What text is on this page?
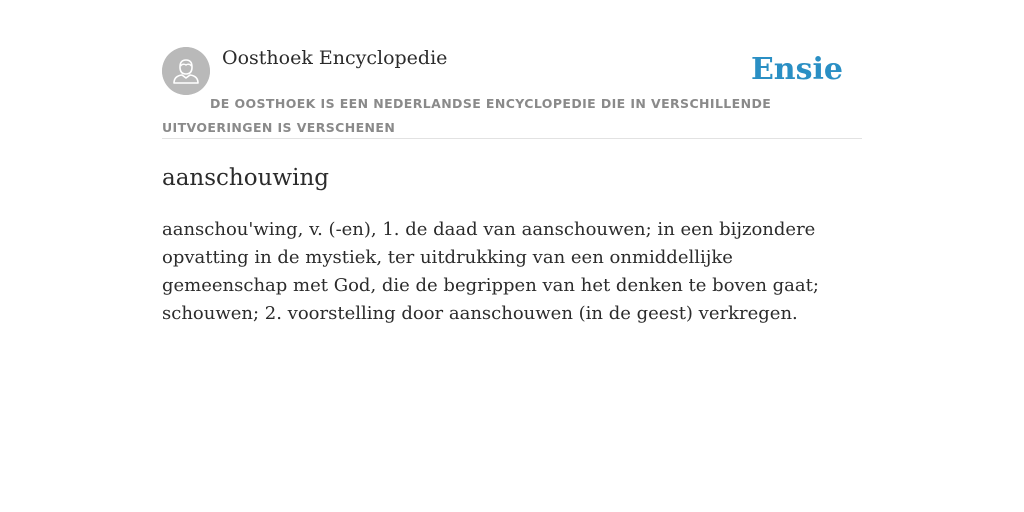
Oosthoek Encyclopedie	Ensie
DE OOSTHOEK IS EEN NEDERLANDSE ENCYCLOPEDIE DIE IN VERSCHILLENDE UITVOERINGEN IS VERSCHENEN
aanschouwing

aanschou'wing, v. (-en), 1. de daad van aanschouwen; in een bijzondere opvatting in de mystiek, ter uitdrukking van een onmiddellijke gemeenschap met God, die de begrippen van het denken te boven gaat; schouwen; 2. voorstelling door aanschouwen (in de geest) verkregen.
